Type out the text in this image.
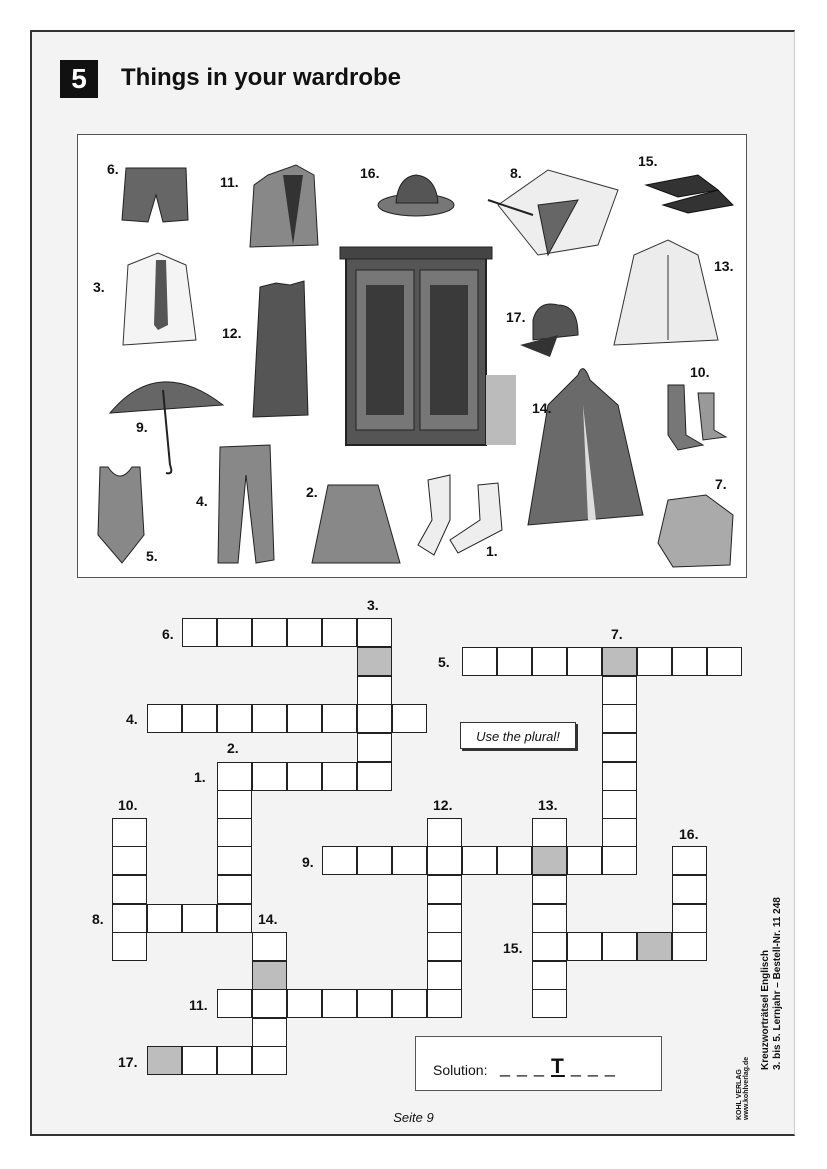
5	Things in your wardrobe
6.
11.
16.	8.
15.
3.
12.
17.
13.
10.
9.
14.
4.
2.	7.
5.	1.
3.
6.	7.
5.
4.
2.
1.
10.	12.	13.
16.
9.
8.	14.
15.
11.
17.
Use the plural!
Solution: _ _ _ T _ _ _
Seite 9
Kreuzworträtsel Englisch 3. bis 5. Lernjahr – Bestell-Nr. 11 248
KOHL VERLAG www.kohlverlag.de
